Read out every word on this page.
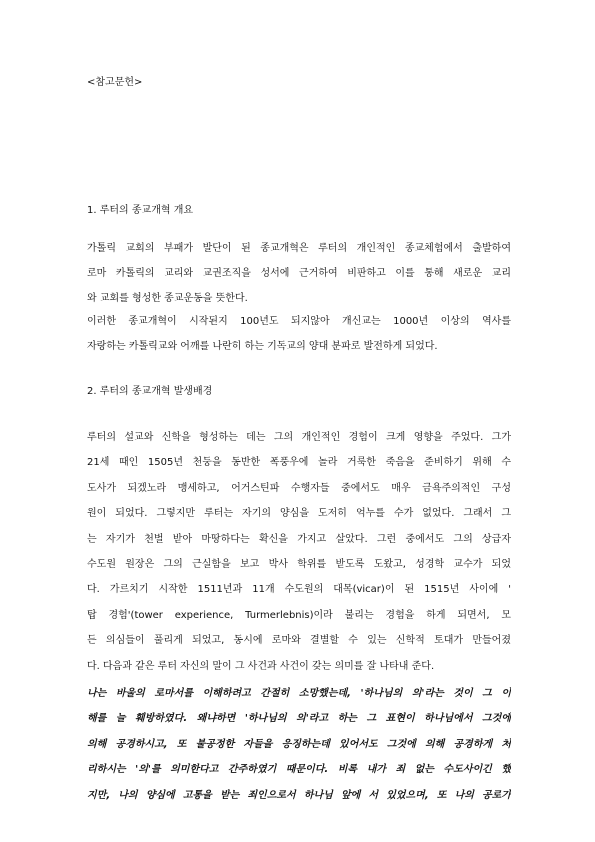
<참고문헌>
1. 루터의 종교개혁 개요
가톨릭 교회의 부패가 발단이 된 종교개혁은 루터의 개인적인 종교체험에서 출발하여
로마 카톨릭의 교리와 교권조직을 성서에 근거하여 비판하고 이를 통해 새로운 교리
와 교회를 형성한 종교운동을 뜻한다.
이러한 종교개혁이 시작된지 100년도 되지않아 개신교는 1000년 이상의 역사를
자랑하는 카톨릭교와 어깨를 나란히 하는 기독교의 양대 분파로 발전하게 되었다.
2. 루터의 종교개혁 발생배경
루터의 설교와 신학을 형성하는 데는 그의 개인적인 경험이 크게 영향을 주었다. 그가
21세 때인 1505년 천둥을 동반한 폭풍우에 놀라 거룩한 죽음을 준비하기 위해 수
도사가 되겠노라 맹세하고, 어거스틴파 수행자들 중에서도 매우 금욕주의적인 구성
원이 되었다. 그렇지만 루터는 자기의 양심을 도저히 억누를 수가 없었다. 그래서 그
는 자기가 천벌 받아 마땅하다는 확신을 가지고 살았다. 그런 중에서도 그의 상급자
수도원 원장은 그의 근실함을 보고 박사 학위를 받도록 도왔고, 성경학 교수가 되었
다. 가르치기 시작한 1511년과 11개 수도원의 대목(vicar)이 된 1515년 사이에 '
탑 경험'(tower experience, Turmerlebnis)이라 불리는 경험을 하게 되면서, 모
든 의심들이 풀리게 되었고, 동시에 로마와 결별할 수 있는 신학적 토대가 만들어졌
다. 다음과 같은 루터 자신의 말이 그 사건과 사건이 갖는 의미를 잘 나타내 준다.
나는 바울의 로마서를 이해하려고 간절히 소망했는데, '하나님의 의'라는 것이 그 이
해를 늘 훼방하였다. 왜냐하면 '하나님의 의'라고 하는 그 표현이 하나님에서 그것에
의해 공경하시고, 또 불공정한 자들을 응징하는데 있어서도 그것에 의해 공경하게 처
리하시는 '의'를 의미한다고 간주하였기 때문이다. 비록 내가 죄 없는 수도사이긴 했
지만, 나의 양심에 고통을 받는 죄인으로서 하나님 앞에 서 있었으며, 또 나의 공로가
